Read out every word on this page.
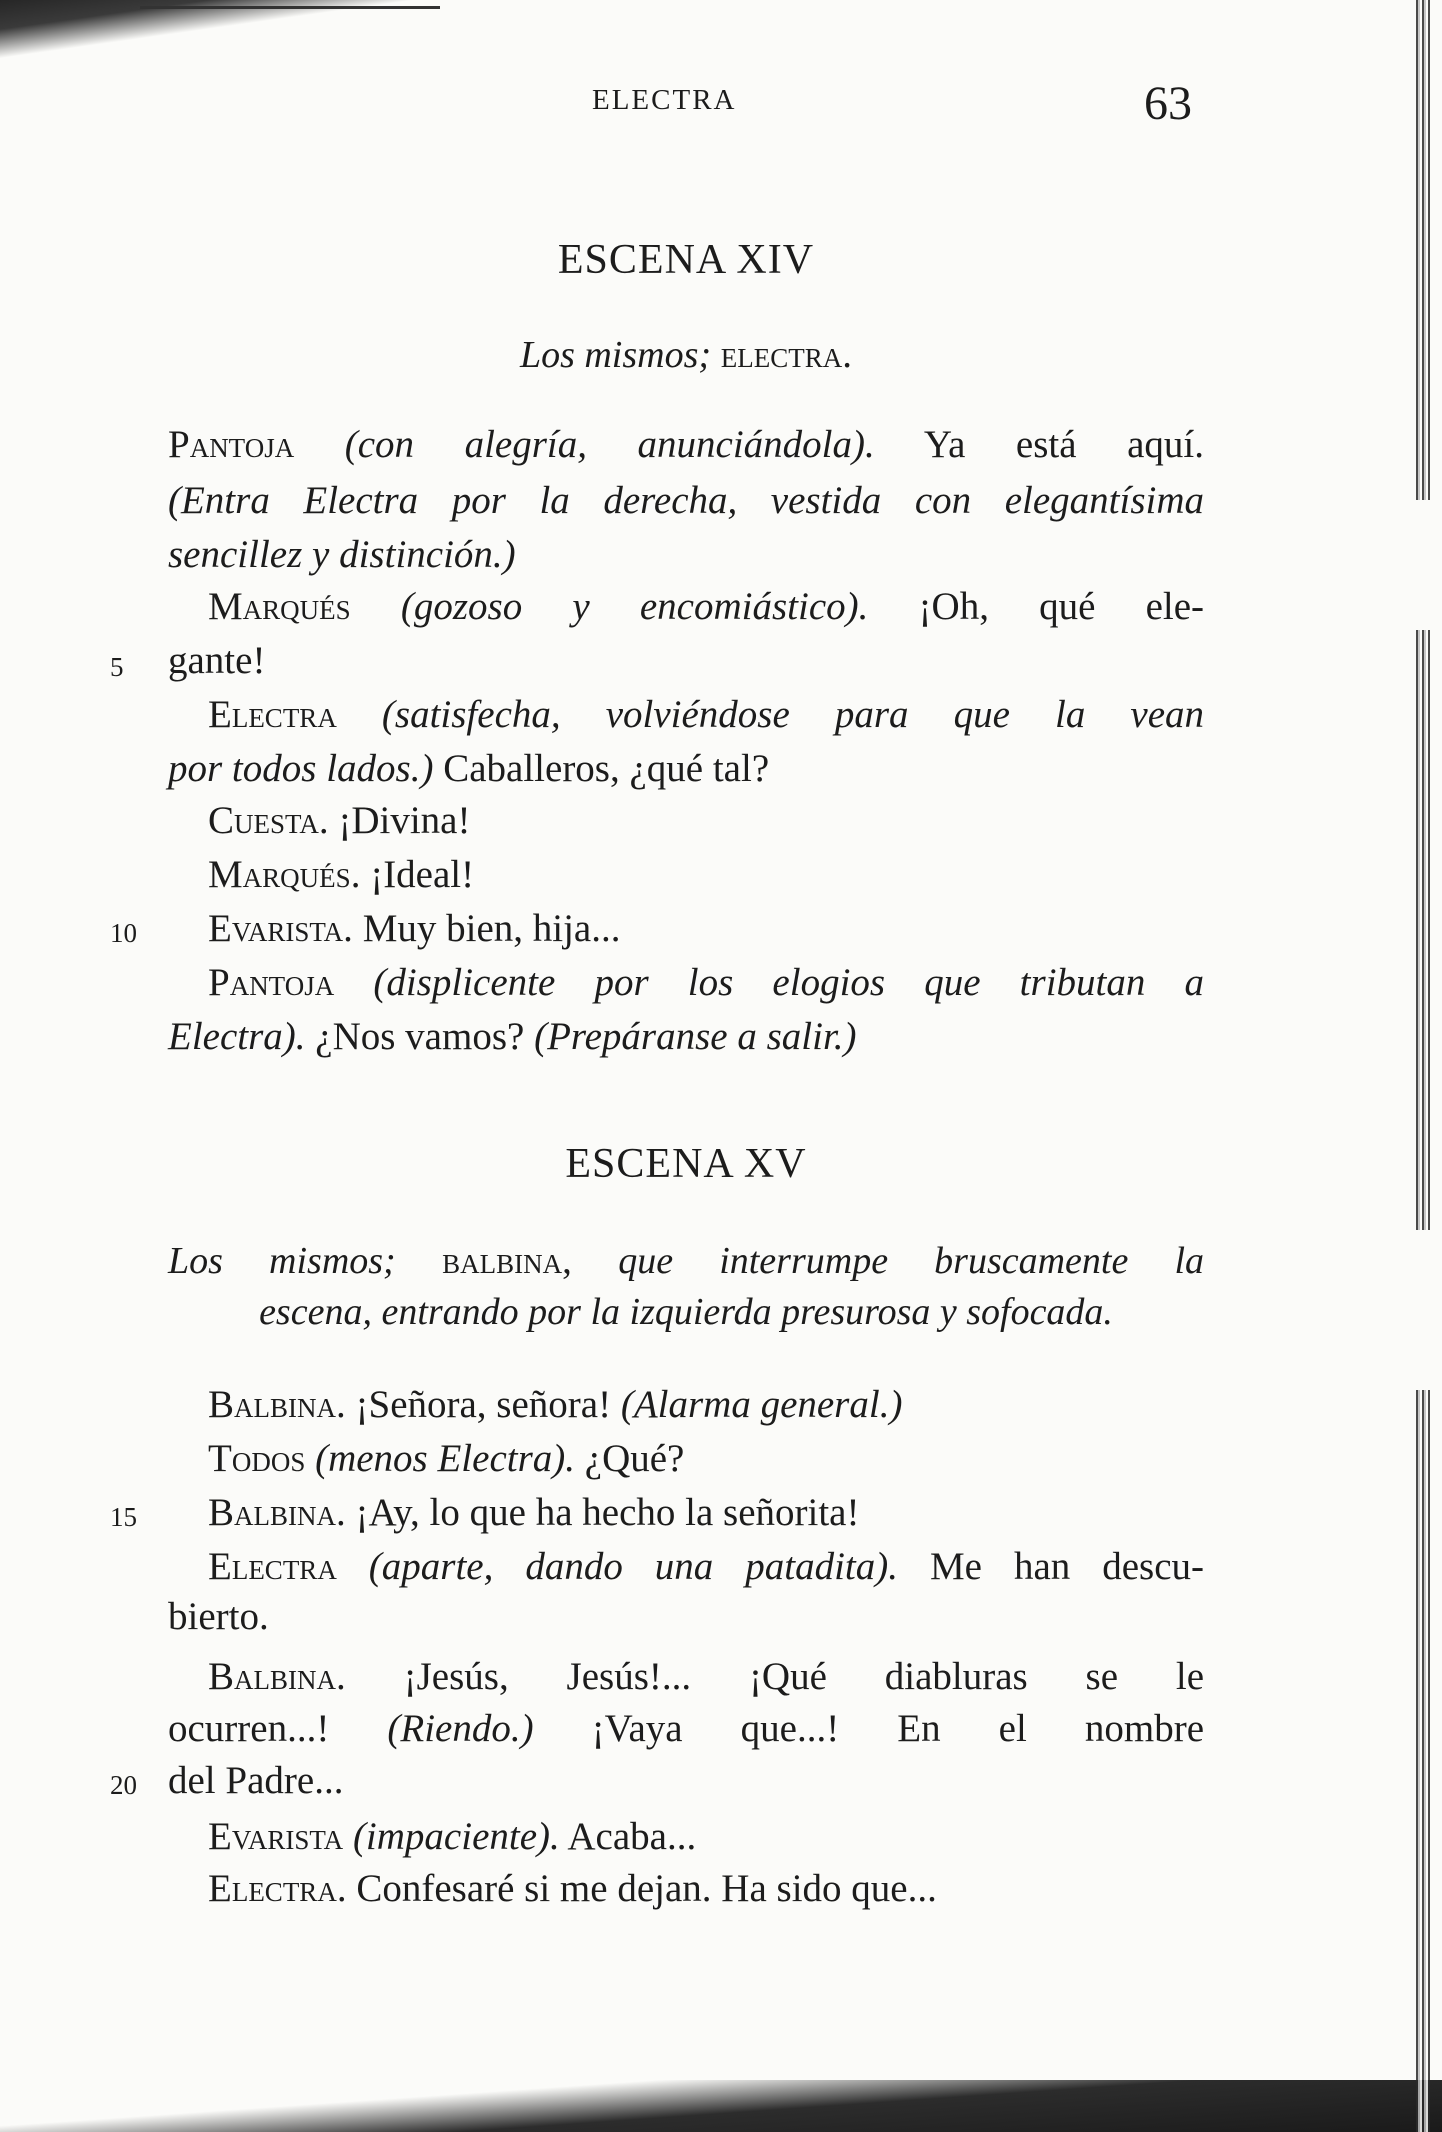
ELECTRA	63
ESCENA XIV
Los mismos; electra.
Pantoja (con alegría, anunciándola). Ya está aquí.
(Entra Electra por la derecha, vestida con elegantísima
sencillez y distinción.)
Marqués (gozoso y encomiástico). ¡Oh, qué ele-
5 gante!
Electra (satisfecha, volviéndose para que la vean
por todos lados.) Caballeros, ¿qué tal?
Cuesta. ¡Divina!
Marqués. ¡Ideal!
10	Evarista. Muy bien, hija...
Pantoja (displicente por los elogios que tributan a
Electra). ¿Nos vamos? (Prepáranse a salir.)
ESCENA XV
Los mismos; balbina, que interrumpe bruscamente la
escena, entrando por la izquierda presurosa y sofocada.
Balbina. ¡Señora, señora! (Alarma general.)
Todos (menos Electra). ¿Qué?
15	Balbina. ¡Ay, lo que ha hecho la señorita!
Electra (aparte, dando una patadita). Me han descu-
bierto.
Balbina. ¡Jesús, Jesús!... ¡Qué diabluras se le
ocurren...! (Riendo.) ¡Vaya que...! En el nombre
20 del Padre...
Evarista (impaciente). Acaba...
Electra. Confesaré si me dejan. Ha sido que...
